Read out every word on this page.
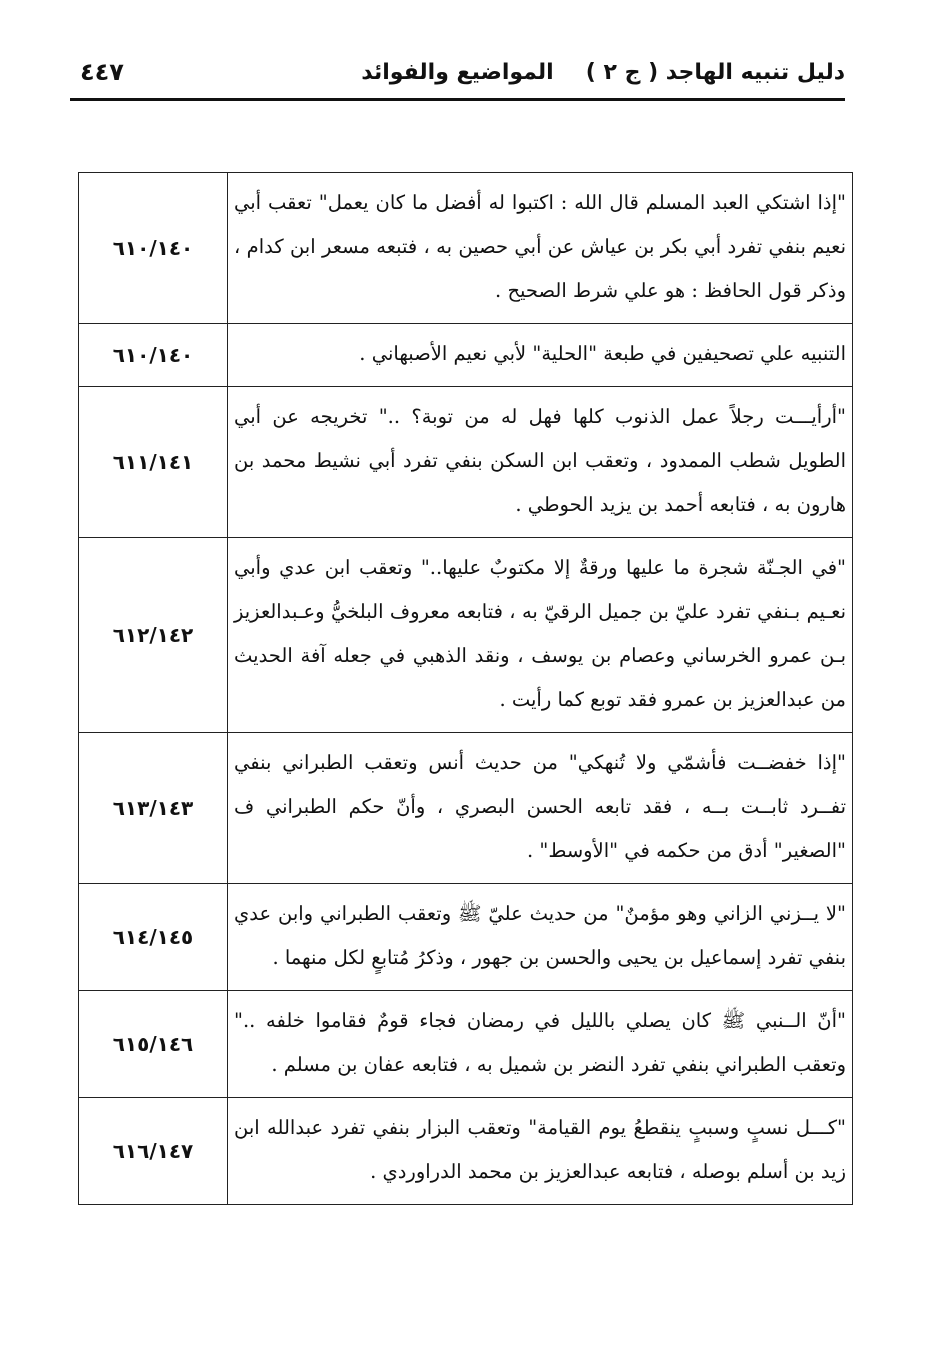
دليل تنبيه الهاجد ( ج ٢ )
المواضيع والفوائد
٤٤٧
"إذا اشتكي العبد المسلم قال الله : اكتبوا له أفضل ما كان يعمل" تعقب أبي نعيم بنفي تفرد أبي بكر بن عياش عن أبي حصين به ، فتبعه مسعر ابن كدام ، وذكر قول الحافظ : هو علي شرط الصحيح .	٦١٠/١٤٠
التنبيه علي تصحيفين في طبعة "الحلية" لأبي نعيم الأصبهاني .	٦١٠/١٤٠
"أرأيـــت رجلاً عمل الذنوب كلها فهل له من توبة؟ .." تخريجه عن أبي الطويل شطب الممدود ، وتعقب ابن السكن بنفي تفرد أبي نشيط محمد بن هارون به ، فتابعه أحمد بن يزيد الحوطي .	٦١١/١٤١
"في الجـنّة شجرة ما عليها ورقةٌ إلا مكتوبٌ عليها.." وتعقب ابن عدي وأبي نعـيم بـنفي تفرد عليّ بن جميل الرقيّ به ، فتابعه معروف البلخيُّ وعـبدالعزيز بـن عمرو الخرساني وعصام بن يوسف ، ونقد الذهبي في جعله آفة الحديث من عبدالعزيز بن عمرو فقد توبع كما رأيت .	٦١٢/١٤٢
"إذا خفضــت فأشمّي ولا تُنهكي" من حديث أنس وتعقب الطبراني بنفي تفــرد ثابــت بــه ، فقد تابعه الحسن البصري ، وأنّ حكم الطبراني ف "الصغير" أدق من حكمه في "الأوسط" .	٦١٣/١٤٣
"لا يــزني الزاني وهو مؤمنٌ" من حديث عليّ ﷺ وتعقب الطبراني وابن عدي بنفي تفرد إسماعيل بن يحيى والحسن بن جهور ، وذكرُ مُتابعٍ لكل منهما .	٦١٤/١٤٥
"أنّ الــنبي ﷺ كان يصلي بالليل في رمضان فجاء قومٌ فقاموا خلفه .." وتعقب الطبراني بنفي تفرد النضر بن شميل به ، فتابعه عفان بن مسلم .	٦١٥/١٤٦
"كـــل نسبٍ وسببٍ ينقطعُ يوم القيامة" وتعقب البزار بنفي تفرد عبدالله ابن زيد بن أسلم بوصله ، فتابعه عبدالعزيز بن محمد الدراوردي .	٦١٦/١٤٧
